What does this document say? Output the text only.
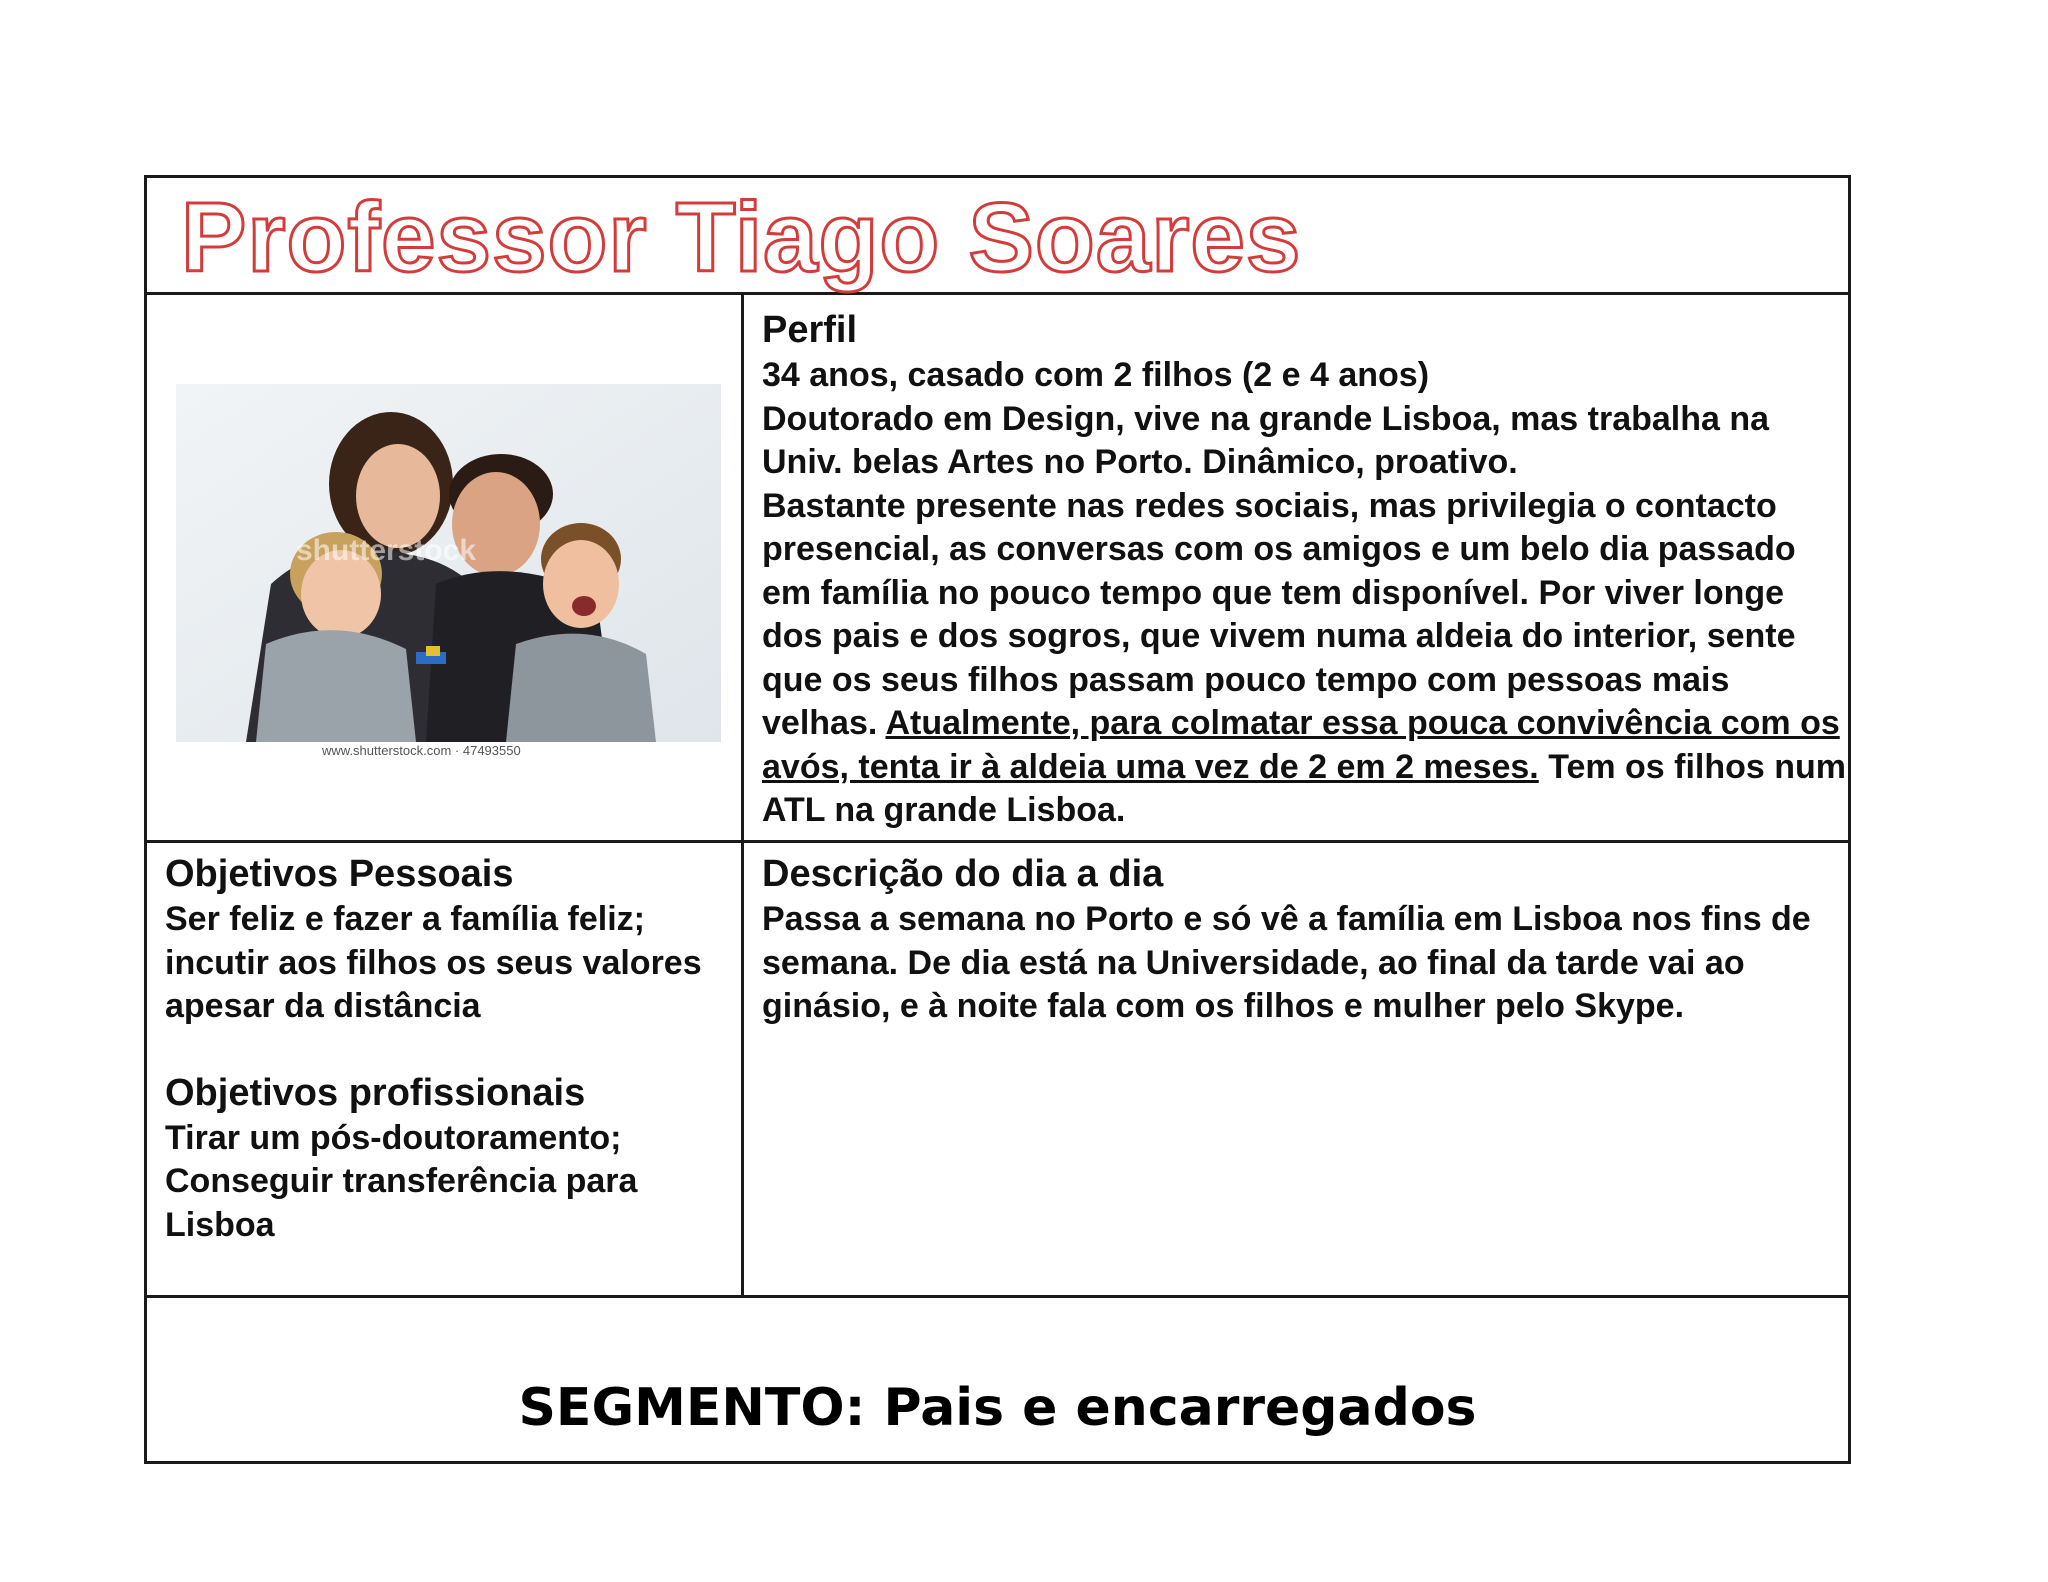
Professor Tiago Soares
shutterstock
www.shutterstock.com · 47493550
Perfil
34 anos, casado com 2 filhos (2 e 4 anos)
Doutorado em Design, vive na grande Lisboa, mas trabalha na Univ. belas Artes no Porto. Dinâmico, proativo.
Bastante presente nas redes sociais, mas privilegia o contacto presencial, as conversas com os amigos e um belo dia passado em família no pouco tempo que tem disponível. Por viver longe dos pais e dos sogros, que vivem numa aldeia do interior, sente que os seus filhos passam pouco tempo com pessoas mais velhas. Atualmente, para colmatar essa pouca convivência com os avós, tenta ir à aldeia uma vez de 2 em 2 meses. Tem os filhos num ATL na grande Lisboa.
Objetivos Pessoais
Ser feliz e fazer a família feliz; incutir aos filhos os seus valores apesar da distância
Objetivos profissionais
Tirar um pós-doutoramento; Conseguir transferência para Lisboa
Descrição do dia a dia
Passa a semana no Porto e só vê a família em Lisboa nos fins de semana. De dia está na Universidade, ao final da tarde vai ao ginásio, e à noite fala com os filhos e mulher pelo Skype.
SEGMENTO: Pais e encarregados
